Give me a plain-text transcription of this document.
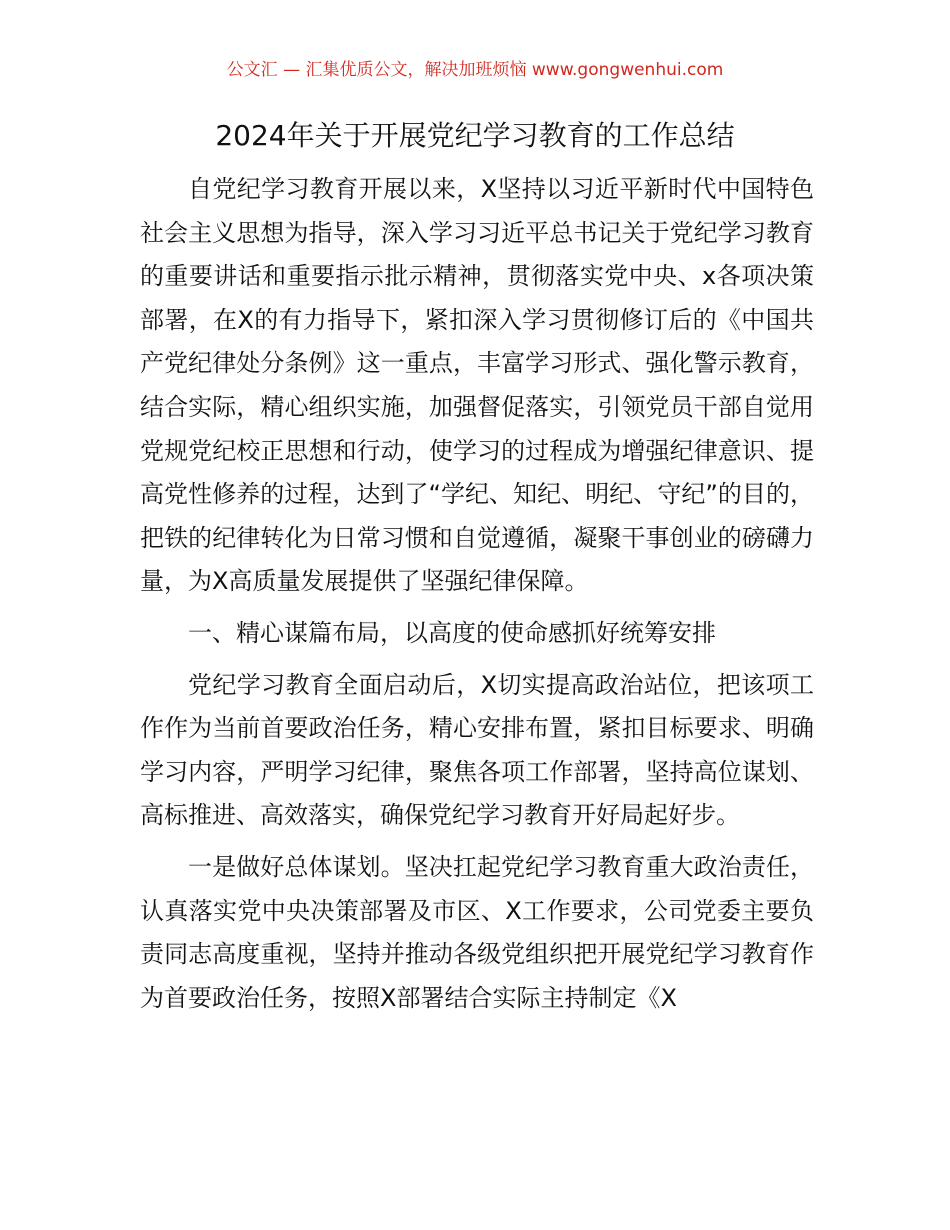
公文汇 — 汇集优质公文，解决加班烦恼 www.gongwenhui.com
2024年关于开展党纪学习教育的工作总结

自党纪学习教育开展以来，X坚持以习近平新时代中国特色社会主义思想为指导，深入学习习近平总书记关于党纪学习教育的重要讲话和重要指示批示精神，贯彻落实党中央、x各项决策部署，在X的有力指导下，紧扣深入学习贯彻修订后的《中国共产党纪律处分条例》这一重点，丰富学习形式、强化警示教育，结合实际，精心组织实施，加强督促落实，引领党员干部自觉用党规党纪校正思想和行动，使学习的过程成为增强纪律意识、提高党性修养的过程，达到了“学纪、知纪、明纪、守纪”的目的，把铁的纪律转化为日常习惯和自觉遵循，凝聚干事创业的磅礴力量，为X高质量发展提供了坚强纪律保障。

一、精心谋篇布局，以高度的使命感抓好统筹安排

党纪学习教育全面启动后，X切实提高政治站位，把该项工作作为当前首要政治任务，精心安排布置，紧扣目标要求、明确学习内容，严明学习纪律，聚焦各项工作部署，坚持高位谋划、高标推进、高效落实，确保党纪学习教育开好局起好步。

一是做好总体谋划。坚决扛起党纪学习教育重大政治责任，认真落实党中央决策部署及市区、X工作要求，公司党委主要负责同志高度重视，坚持并推动各级党组织把开展党纪学习教育作为首要政治任务，按照X部署结合实际主持制定《X
